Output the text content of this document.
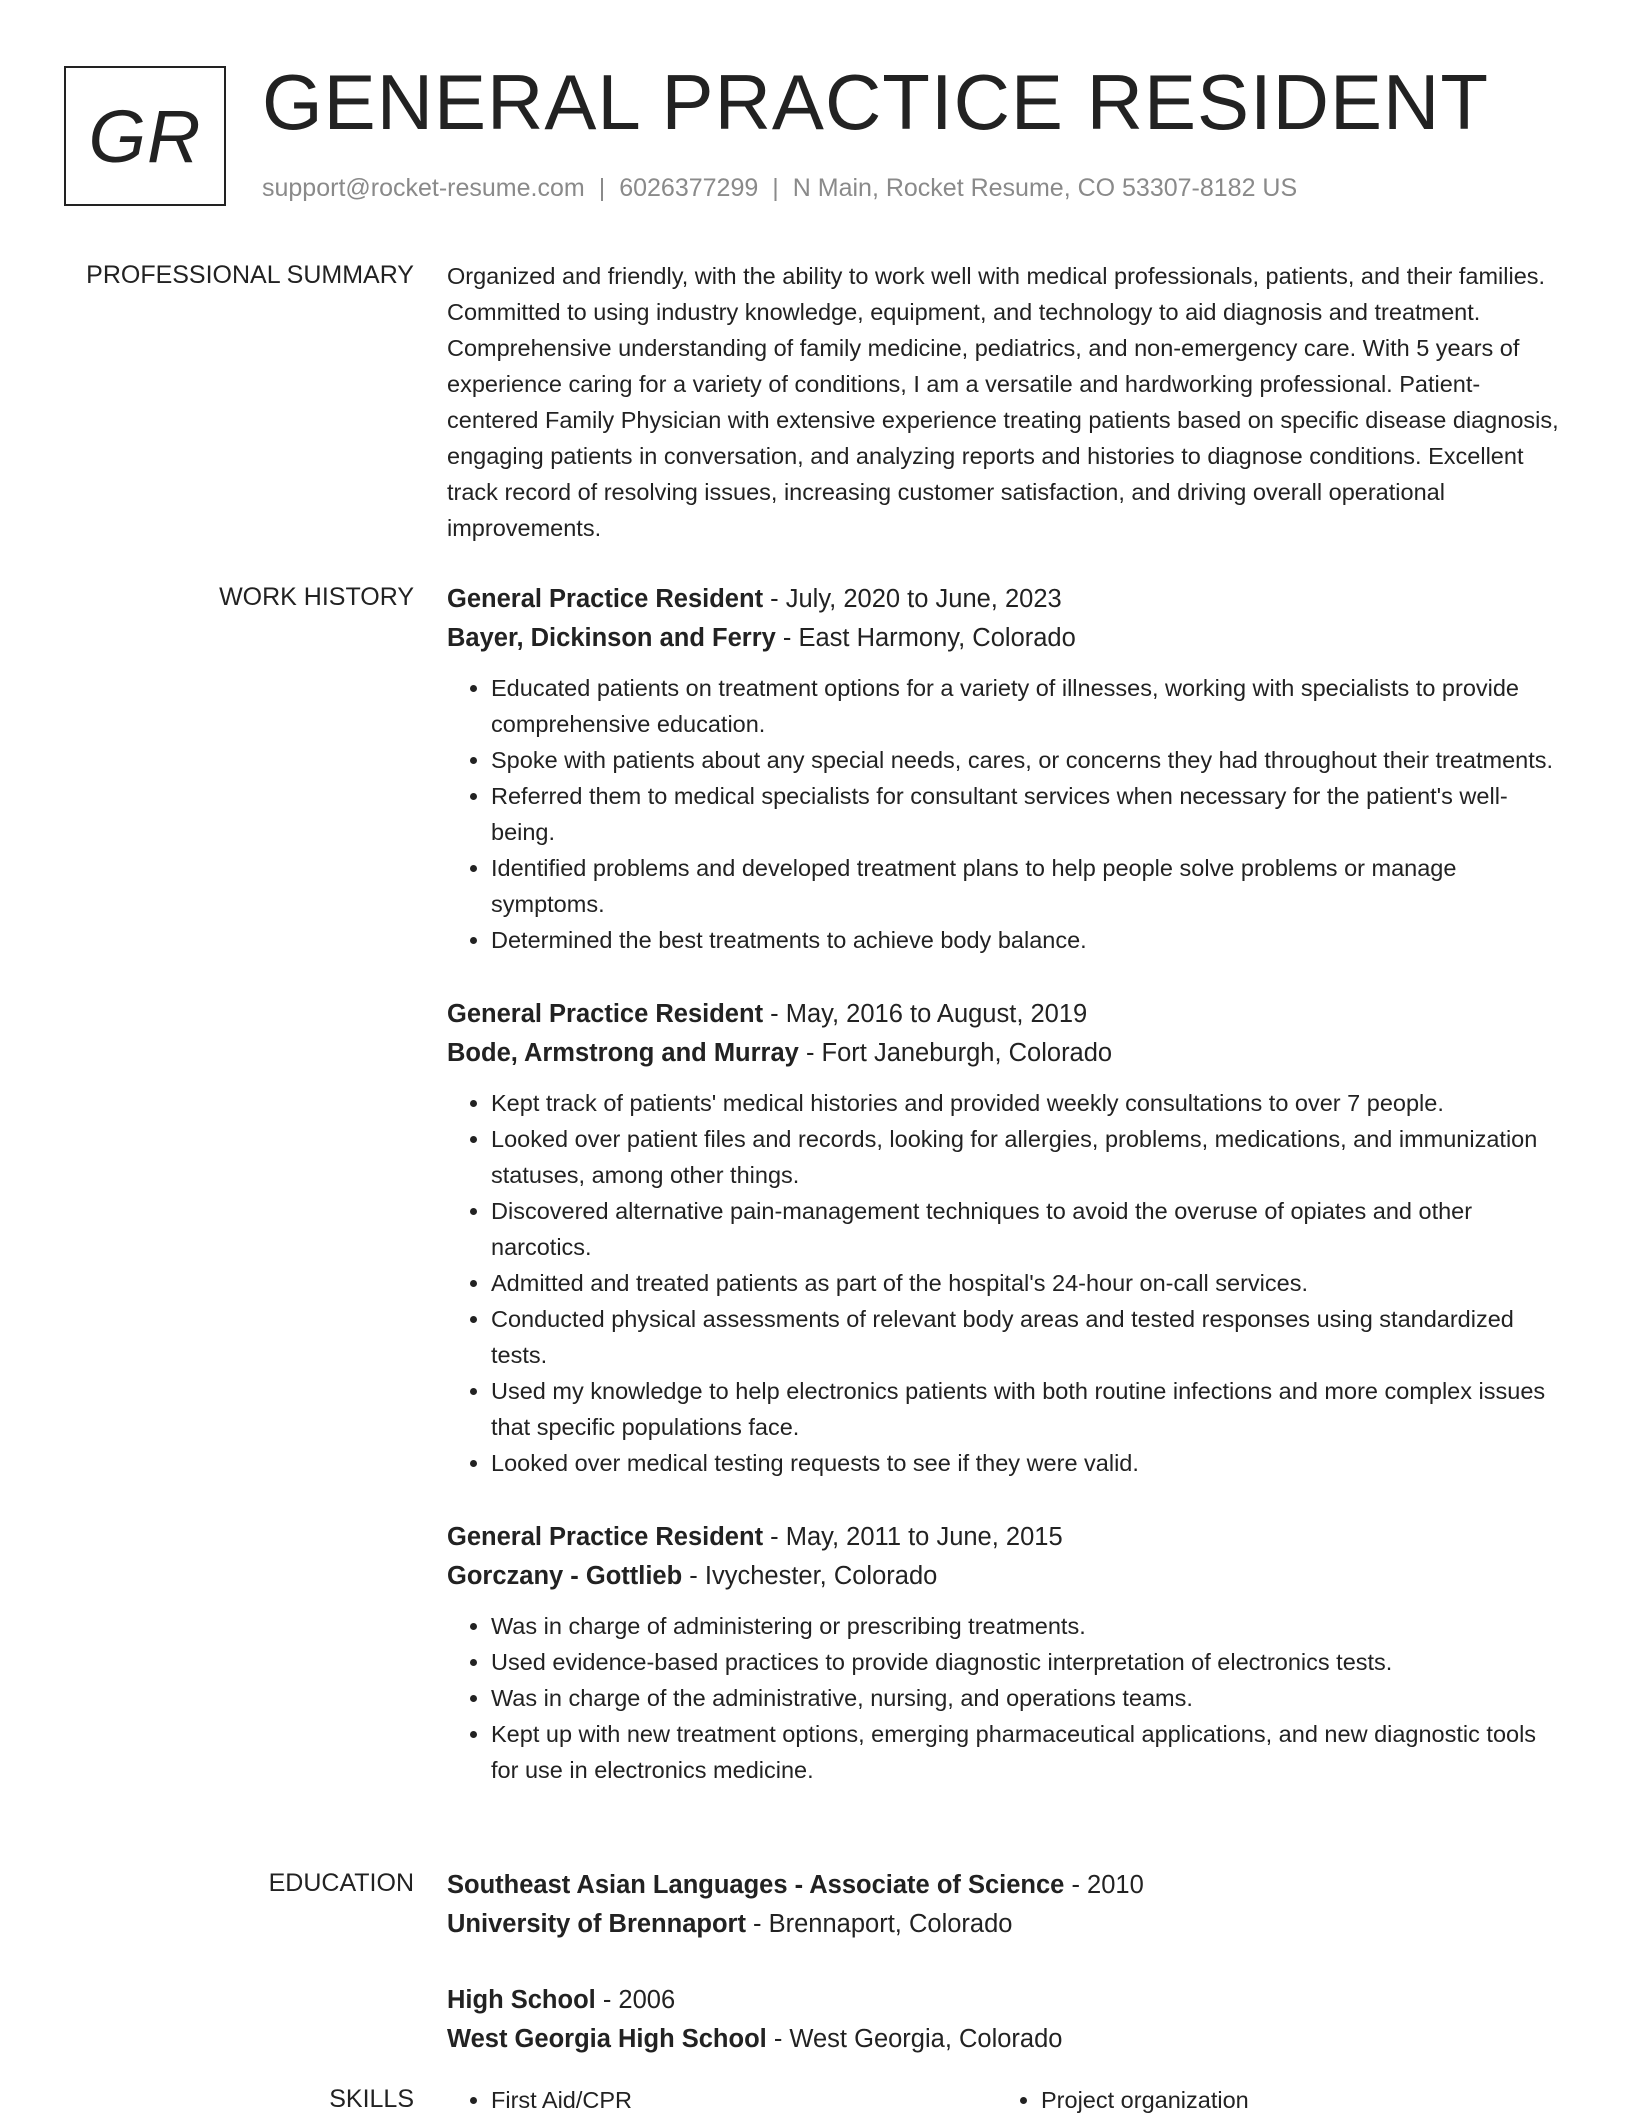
GR GENERAL PRACTICE RESIDENT
support@rocket-resume.com | 6026377299 | N Main, Rocket Resume, CO 53307-8182 US
PROFESSIONAL SUMMARY Organized and friendly, with the ability to work well with medical professionals, patients, and their families. Committed to using industry knowledge, equipment, and technology to aid diagnosis and treatment. Comprehensive understanding of family medicine, pediatrics, and non-emergency care. With 5 years of experience caring for a variety of conditions, I am a versatile and hardworking professional. Patient-centered Family Physician with extensive experience treating patients based on specific disease diagnosis, engaging patients in conversation, and analyzing reports and histories to diagnose conditions. Excellent track record of resolving issues, increasing customer satisfaction, and driving overall operational improvements.
WORK HISTORY General Practice Resident - July, 2020 to June, 2023
Bayer, Dickinson and Ferry - East Harmony, Colorado
• Educated patients on treatment options for a variety of illnesses, working with specialists to provide comprehensive education.
• Spoke with patients about any special needs, cares, or concerns they had throughout their treatments.
• Referred them to medical specialists for consultant services when necessary for the patient's well-being.
• Identified problems and developed treatment plans to help people solve problems or manage symptoms.
• Determined the best treatments to achieve body balance.
General Practice Resident - May, 2016 to August, 2019
Bode, Armstrong and Murray - Fort Janeburgh, Colorado
• Kept track of patients' medical histories and provided weekly consultations to over 7 people.
• Looked over patient files and records, looking for allergies, problems, medications, and immunization statuses, among other things.
• Discovered alternative pain-management techniques to avoid the overuse of opiates and other narcotics.
• Admitted and treated patients as part of the hospital's 24-hour on-call services.
• Conducted physical assessments of relevant body areas and tested responses using standardized tests.
• Used my knowledge to help electronics patients with both routine infections and more complex issues that specific populations face.
• Looked over medical testing requests to see if they were valid.
General Practice Resident - May, 2011 to June, 2015
Gorczany - Gottlieb - Ivychester, Colorado
• Was in charge of administering or prescribing treatments.
• Used evidence-based practices to provide diagnostic interpretation of electronics tests.
• Was in charge of the administrative, nursing, and operations teams.
• Kept up with new treatment options, emerging pharmaceutical applications, and new diagnostic tools for use in electronics medicine.
EDUCATION Southeast Asian Languages - Associate of Science - 2010
University of Brennaport - Brennaport, Colorado
High School - 2006
West Georgia High School - West Georgia, Colorado
SKILLS	• First Aid/CPR	• Project organization
